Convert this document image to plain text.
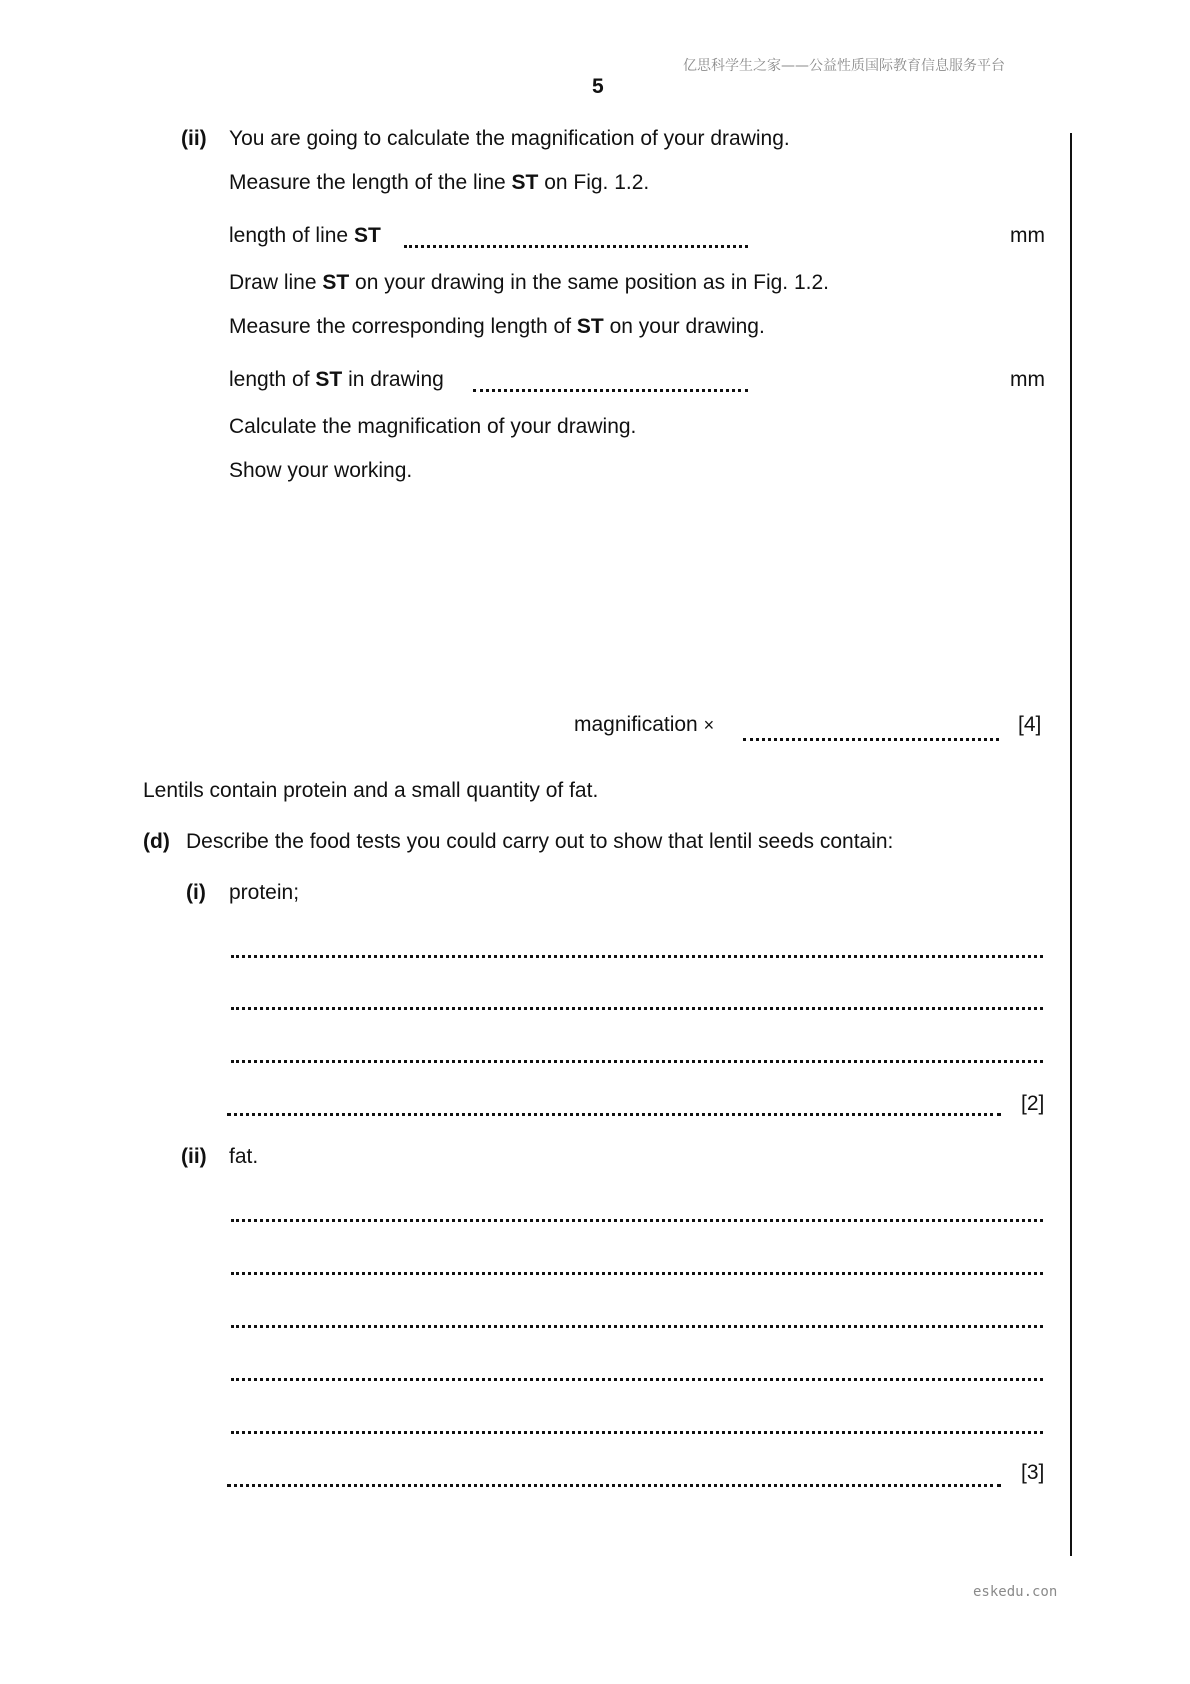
亿思科学生之家——公益性质国际教育信息服务平台
5
(ii) You are going to calculate the magnification of your drawing.
Measure the length of the line ST on Fig. 1.2.
length of line ST	mm
Draw line ST on your drawing in the same position as in Fig. 1.2.
Measure the corresponding length of ST on your drawing.
length of ST in drawing	mm
Calculate the magnification of your drawing.
Show your working.
magnification ×	[4]
Lentils contain protein and a small quantity of fat.
(d) Describe the food tests you could carry out to show that lentil seeds contain:
(i) protein;
[2]
(ii) fat.
[3]
eskedu.con
